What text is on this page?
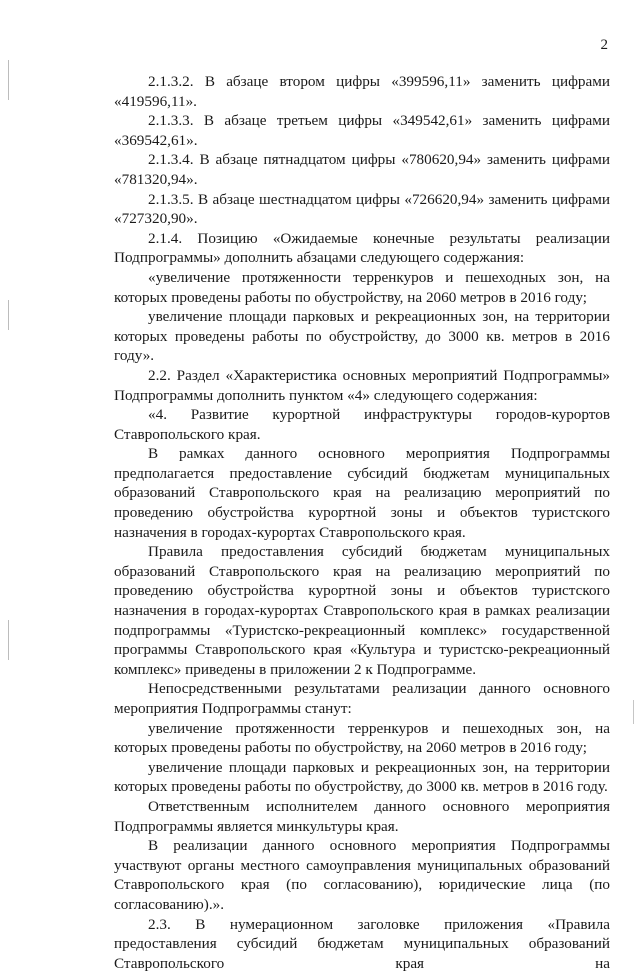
2

2.1.3.2. В абзаце втором цифры «399596,11» заменить цифрами «419596,11».

2.1.3.3. В абзаце третьем цифры «349542,61» заменить цифрами «369542,61».

2.1.3.4. В абзаце пятнадцатом цифры «780620,94» заменить цифрами «781320,94».

2.1.3.5. В абзаце шестнадцатом цифры «726620,94» заменить цифрами «727320,90».

2.1.4. Позицию «Ожидаемые конечные результаты реализации Подпрограммы» дополнить абзацами следующего содержания:

«увеличение протяженности терренкуров и пешеходных зон, на которых проведены работы по обустройству, на 2060 метров в 2016 году;

увеличение площади парковых и рекреационных зон, на территории которых проведены работы по обустройству, до 3000 кв. метров в 2016 году».

2.2. Раздел «Характеристика основных мероприятий Подпрограммы» Подпрограммы дополнить пунктом «4» следующего содержания:

«4. Развитие курортной инфраструктуры городов-курортов Ставропольского края.

В рамках данного основного мероприятия Подпрограммы предполагается предоставление субсидий бюджетам муниципальных образований Ставропольского края на реализацию мероприятий по проведению обустройства курортной зоны и объектов туристского назначения в городах-курортах Ставропольского края.

Правила предоставления субсидий бюджетам муниципальных образований Ставропольского края на реализацию мероприятий по проведению обустройства курортной зоны и объектов туристского назначения в городах-курортах Ставропольского края в рамках реализации подпрограммы «Туристско-рекреационный комплекс» государственной программы Ставропольского края «Культура и туристско-рекреационный комплекс» приведены в приложении 2 к Подпрограмме.

Непосредственными результатами реализации данного основного мероприятия Подпрограммы станут:

увеличение протяженности терренкуров и пешеходных зон, на которых проведены работы по обустройству, на 2060 метров в 2016 году;

увеличение площади парковых и рекреационных зон, на территории которых проведены работы по обустройству, до 3000 кв. метров в 2016 году.

Ответственным исполнителем данного основного мероприятия Подпрограммы является минкультуры края.

В реализации данного основного мероприятия Подпрограммы участвуют органы местного самоуправления муниципальных образований Ставропольского края (по согласованию), юридические лица (по согласованию).».

2.3. В нумерационном заголовке приложения «Правила предоставления субсидий бюджетам муниципальных образований Ставропольского края на
